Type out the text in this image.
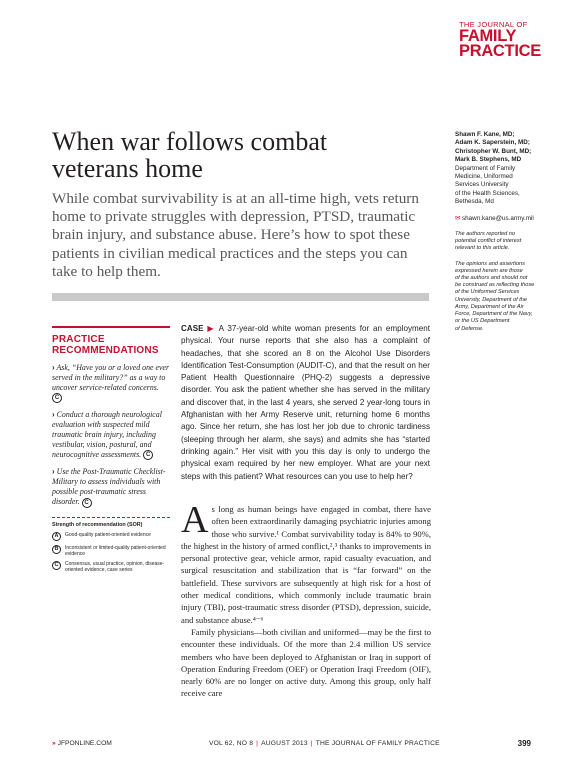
THE JOURNAL OF
FAMILY
PRACTICE
When war follows combat veterans home
While combat survivability is at an all-time high, vets return home to private struggles with depression, PTSD, traumatic brain injury, and substance abuse. Here’s how to spot these patients in civilian medical practices and the steps you can take to help them.
Shawn F. Kane, MD;
Adam K. Saperstein, MD;
Christopher W. Bunt, MD;
Mark B. Stephens, MD
Department of Family
Medicine, Uniformed
Services University
of the Health Sciences,
Bethesda, Md
✉ shawn.kane@us.army.mil
The authors reported no
potential conflict of interest
relevant to this article.
The opinions and assertions
expressed herein are those
of the authors and should not
be construed as reflecting those
of the Uniformed Services
University, Department of the
Army, Department of the Air
Force, Department of the Navy,
or the US Department
of Defense.
PRACTICE
RECOMMENDATIONS
› Ask, “Have you or a loved one ever served in the military?” as a way to uncover service-related concerns. C
› Conduct a thorough neurological evaluation with suspected mild traumatic brain injury, including vestibular, vision, postural, and neurocognitive assessments. C
› Use the Post-Traumatic Checklist-Military to assess individuals with possible post-traumatic stress disorder. C
Strength of recommendation (SOR)
A	Good-quality patient-oriented evidence
B	Inconsistent or limited-quality patient-oriented evidence
C	Consensus, usual practice, opinion, disease-oriented evidence, case series
CASE ▶ A 37-year-old white woman presents for an employment physical. Your nurse reports that she also has a complaint of headaches, that she scored an 8 on the Alcohol Use Disorders Identification Test-Consumption (AUDIT-C), and that the result on her Patient Health Questionnaire (PHQ-2) suggests a depressive disorder. You ask the patient whether she has served in the military and discover that, in the last 4 years, she served 2 year-long tours in Afghanistan with her Army Reserve unit, returning home 6 months ago. Since her return, she has lost her job due to chronic tardiness (sleeping through her alarm, she says) and admits she has “started drinking again.” Her visit with you this day is only to undergo the physical exam required by her new employer. What are your next steps with this patient? What resources can you use to help her?
A s long as human beings have engaged in combat, there have often been extraordinarily damaging psychiatric injuries among those who survive.¹ Combat survivability today is 84% to 90%, the highest in the history of armed conflict,²,³ thanks to improvements in personal protective gear, vehicle armor, rapid casualty evacuation, and surgical resuscitation and stabilization that is “far forward” on the battlefield. These survivors are subsequently at high risk for a host of other medical conditions, which commonly include traumatic brain injury (TBI), post-traumatic stress disorder (PTSD), depression, suicide, and substance abuse.⁴⁻⁶

Family physicians—both civilian and uniformed—may be the first to encounter these individuals. Of the more than 2.4 million US service members who have been deployed to Afghanistan or Iraq in support of Operation Enduring Freedom (OEF) or Operation Iraqi Freedom (OIF), nearly 60% are no longer on active duty. Among this group, only half receive care

» JFPONLINE.COM	VOL 62, NO 8 | AUGUST 2013 | THE JOURNAL OF FAMILY PRACTICE	399
